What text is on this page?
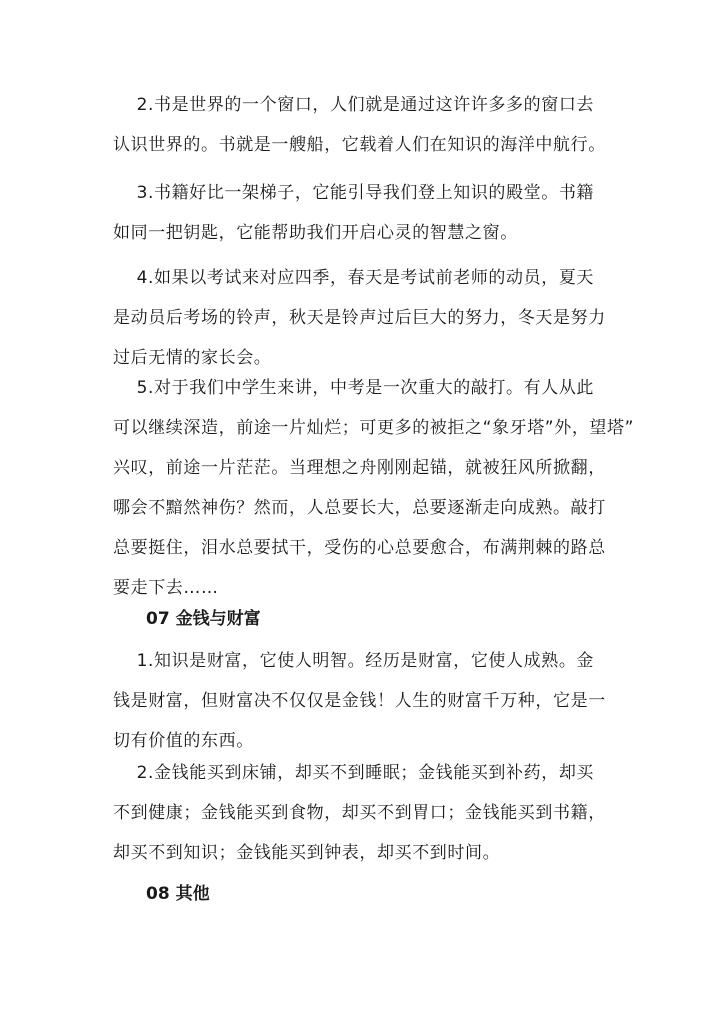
　 2.书是世界的一个窗口，人们就是通过这许许多多的窗口去
认识世界的。书就是一艘船，它载着人们在知识的海洋中航行。
　 3.书籍好比一架梯子，它能引导我们登上知识的殿堂。书籍
如同一把钥匙，它能帮助我们开启心灵的智慧之窗。
　 4.如果以考试来对应四季，春天是考试前老师的动员，夏天
是动员后考场的铃声，秋天是铃声过后巨大的努力，冬天是努力
过后无情的家长会。
　 5.对于我们中学生来讲，中考是一次重大的敲打。有人从此
可以继续深造，前途一片灿烂；可更多的被拒之“象牙塔”外，望塔”
兴叹，前途一片茫茫。当理想之舟刚刚起锚，就被狂风所掀翻，
哪会不黯然神伤？然而，人总要长大，总要逐渐走向成熟。敲打
总要挺住，泪水总要拭干，受伤的心总要愈合，布满荆棘的路总
要走下去……
07 金钱与财富
　 1.知识是财富，它使人明智。经历是财富，它使人成熟。金
钱是财富，但财富决不仅仅是金钱！人生的财富千万种，它是一
切有价值的东西。
　 2.金钱能买到床铺，却买不到睡眠；金钱能买到补药，却买
不到健康；金钱能买到食物，却买不到胃口；金钱能买到书籍，
却买不到知识；金钱能买到钟表，却买不到时间。
08 其他
